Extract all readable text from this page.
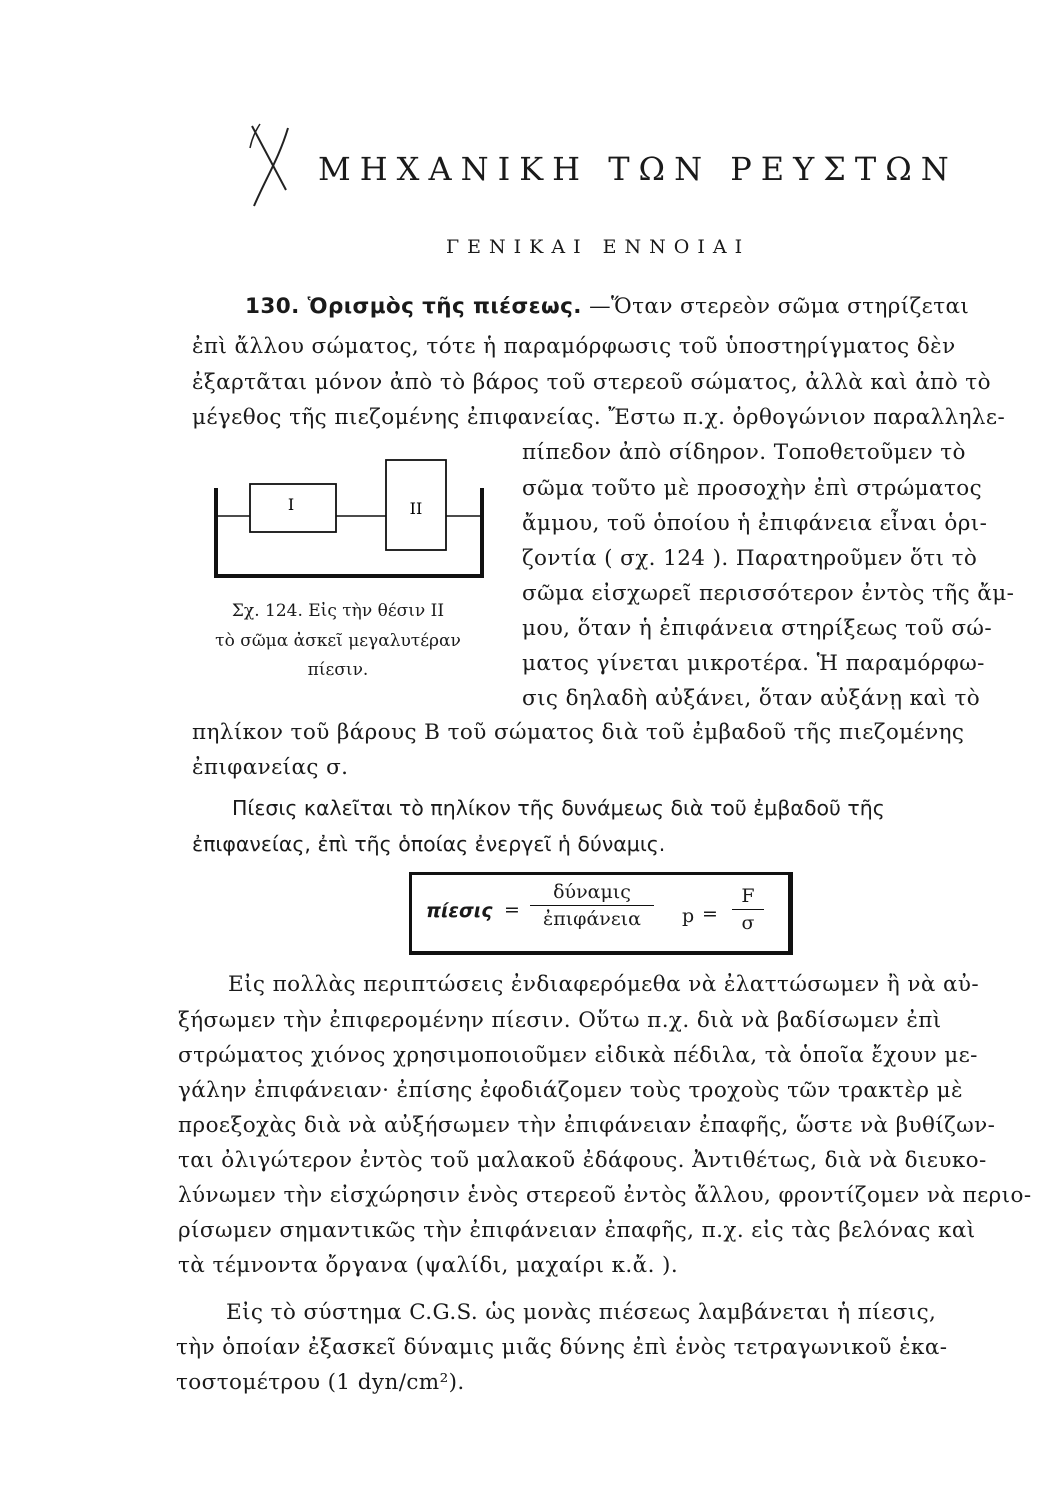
ΜΗΧΑΝΙΚΗ ΤΩΝ ΡΕΥΣΤΩΝ
ΓΕΝΙΚΑΙ ΕΝΝΟΙΑΙ
130. Ὁρισμὸς τῆς πιέσεως. —Ὅταν στερεὸν σῶμα στηρίζεται
ἐπὶ ἄλλου σώματος, τότε ἡ παραμόρφωσις τοῦ ὑποστηρίγματος δὲν
ἐξαρτᾶται μόνον ἀπὸ τὸ βάρος τοῦ στερεοῦ σώματος, ἀλλὰ καὶ ἀπὸ τὸ
μέγεθος τῆς πιεζομένης ἐπιφανείας. Ἔστω π.χ. ὀρθογώνιον παραλληλε-
πίπεδον ἀπὸ σίδηρον. Τοποθετοῦμεν τὸ
σῶμα τοῦτο μὲ προσοχὴν ἐπὶ στρώματος
ἄμμου, τοῦ ὁποίου ἡ ἐπιφάνεια εἶναι ὁρι-
ζοντία ( σχ. 124 ). Παρατηροῦμεν ὅτι τὸ
σῶμα εἰσχωρεῖ περισσότερον ἐντὸς τῆς ἄμ-
μου, ὅταν ἡ ἐπιφάνεια στηρίξεως τοῦ σώ-
ματος γίνεται μικροτέρα. Ἡ παραμόρφω-
σις δηλαδὴ αὐξάνει, ὅταν αὐξάνῃ καὶ τὸ
I	II
Σχ. 124. Εἰς τὴν θέσιν ΙΙ
τὸ σῶμα ἀσκεῖ μεγαλυτέραν
πίεσιν.
πηλίκον τοῦ βάρους Β τοῦ σώματος διὰ τοῦ ἐμβαδοῦ τῆς πιεζομένης
ἐπιφανείας σ.
Πίεσις καλεῖται τὸ πηλίκον τῆς δυνάμεως διὰ τοῦ ἐμβαδοῦ τῆς
ἐπιφανείας, ἐπὶ τῆς ὁποίας ἐνεργεῖ ἡ δύναμις.
πίεσις =
δύναμις
ἐπιφάνεια	p =
F
σ
Εἰς πολλὰς περιπτώσεις ἐνδιαφερόμεθα νὰ ἐλαττώσωμεν ἢ νὰ αὐ-
ξήσωμεν τὴν ἐπιφερομένην πίεσιν. Οὕτω π.χ. διὰ νὰ βαδίσωμεν ἐπὶ
στρώματος χιόνος χρησιμοποιοῦμεν εἰδικὰ πέδιλα, τὰ ὁποῖα ἔχουν με-
γάλην ἐπιφάνειαν· ἐπίσης ἐφοδιάζομεν τοὺς τροχοὺς τῶν τρακτὲρ μὲ
προεξοχὰς διὰ νὰ αὐξήσωμεν τὴν ἐπιφάνειαν ἐπαφῆς, ὥστε νὰ βυθίζων-
ται ὀλιγώτερον ἐντὸς τοῦ μαλακοῦ ἐδάφους. Ἀντιθέτως, διὰ νὰ διευκο-
λύνωμεν τὴν εἰσχώρησιν ἑνὸς στερεοῦ ἐντὸς ἄλλου, φροντίζομεν νὰ περιο-
ρίσωμεν σημαντικῶς τὴν ἐπιφάνειαν ἐπαφῆς, π.χ. εἰς τὰς βελόνας καὶ
τὰ τέμνοντα ὄργανα (ψαλίδι, μαχαίρι κ.ἄ. ).
Εἰς τὸ σύστημα C.G.S. ὡς μονὰς πιέσεως λαμβάνεται ἡ πίεσις,
τὴν ὁποίαν ἐξασκεῖ δύναμις μιᾶς δύνης ἐπὶ ἑνὸς τετραγωνικοῦ ἑκα-
τοστομέτρου (1 dyn/cm²).
